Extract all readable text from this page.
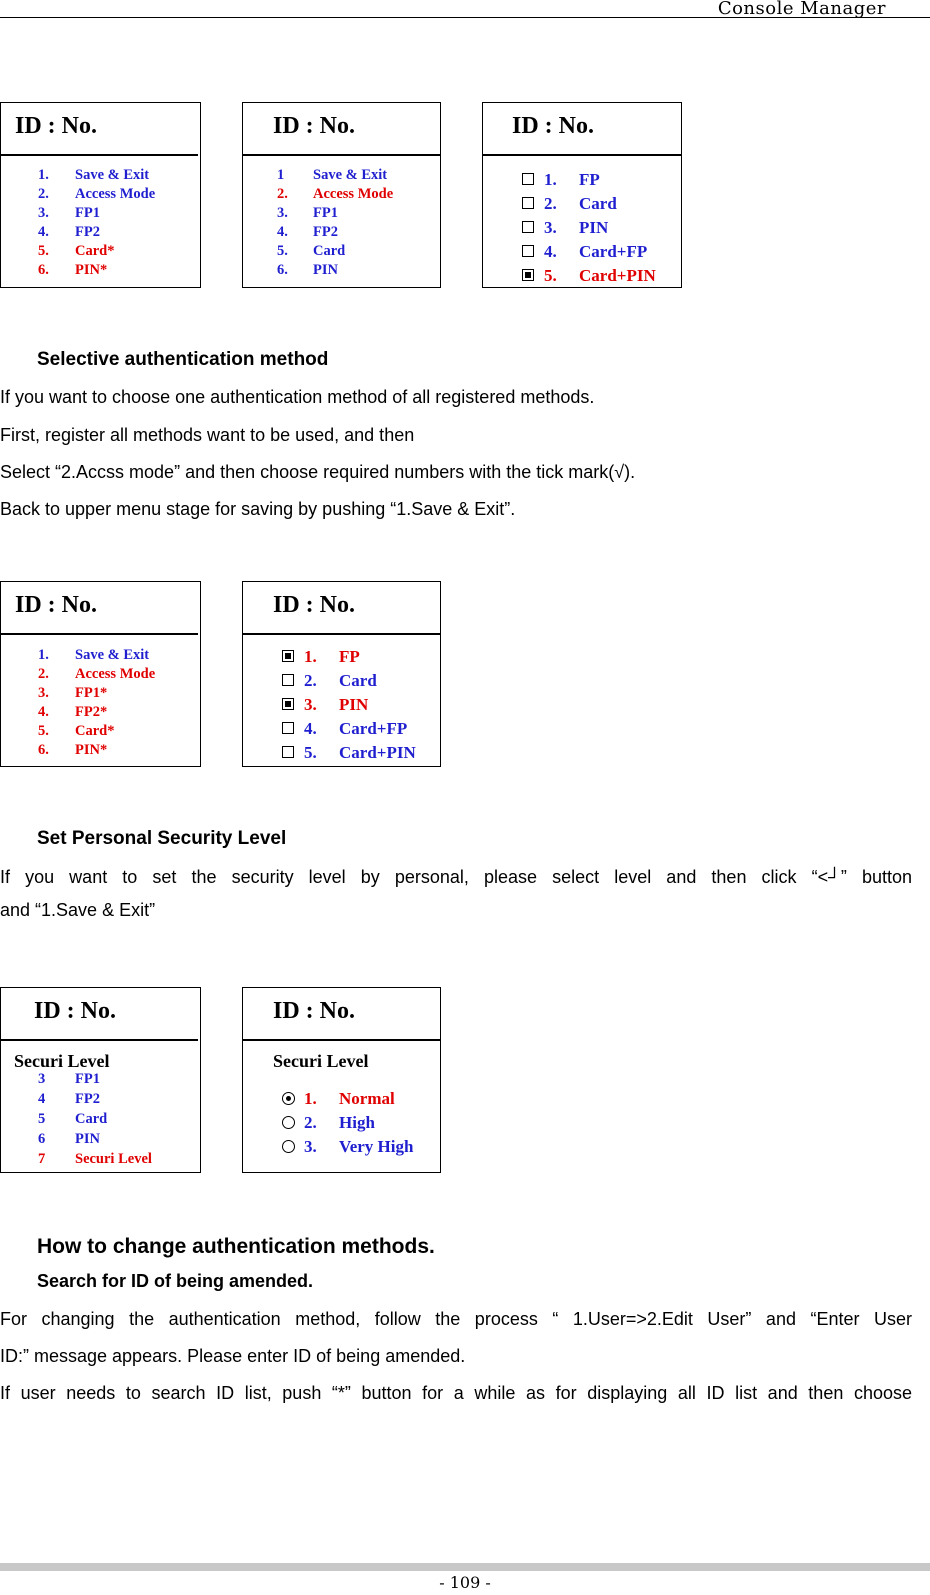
Console Manager
ID : No.
1. Save & Exit
2. Access Mode
3. FP1
4. FP2
5. Card*
6. PIN*
ID : No.
1 Save & Exit
2. Access Mode
3. FP1
4. FP2
5. Card
6. PIN
ID : No.
1. FP
2. Card
3. PIN
4. Card+FP
5. Card+PIN
Selective authentication method
If you want to choose one authentication method of all registered methods.
First, register all methods want to be used, and then
Select “2.Accss mode” and then choose required numbers with the tick mark(√).
Back to upper menu stage for saving by pushing “1.Save & Exit”.
ID : No.
1. Save & Exit
2. Access Mode
3. FP1*
4. FP2*
5. Card*
6. PIN*
ID : No.
1. FP
2. Card
3. PIN
4. Card+FP
5. Card+PIN
Set Personal Security Level
If you want to set the security level by personal, please select level and then click “<┘” button
and “1.Save & Exit”
ID : No.
Securi Level
3 FP1
4 FP2
5 Card
6 PIN
7 Securi Level
ID : No.
Securi Level
1. Normal
2. High
3. Very High
How to change authentication methods.
Search for ID of being amended.
For changing the authentication method, follow the process “ 1.User=>2.Edit User” and “Enter User
ID:” message appears. Please enter ID of being amended.
If user needs to search ID list, push “*” button for a while as for displaying all ID list and then choose
- 109 -
